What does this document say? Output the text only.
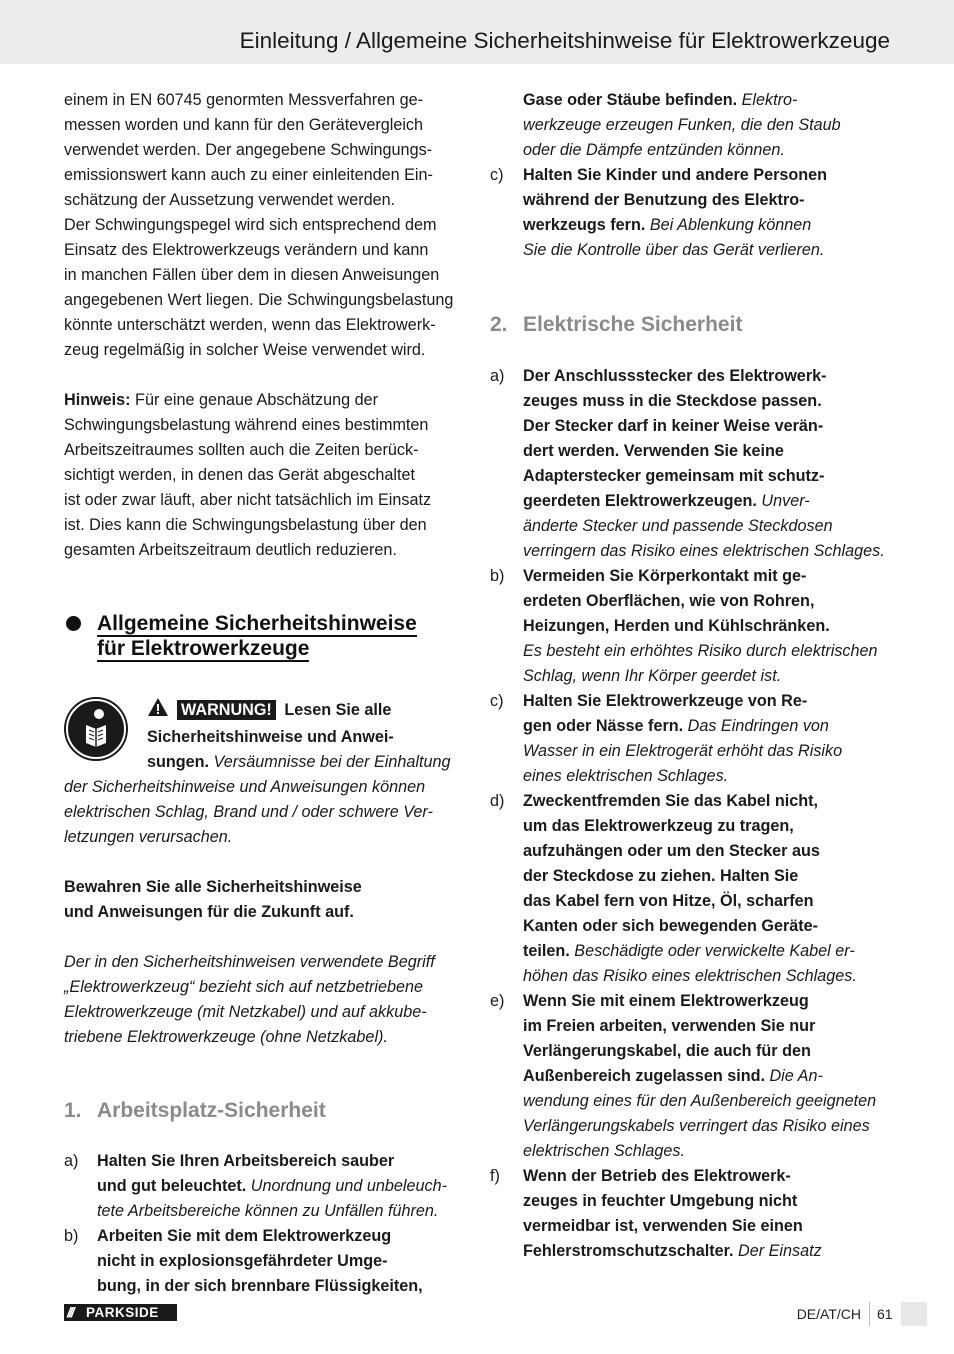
Einleitung / Allgemeine Sicherheitshinweise für Elektrowerkzeuge

einem in EN 60745 genormten Messverfahren ge-

messen worden und kann für den Gerätevergleich

verwendet werden. Der angegebene Schwingungs-

emissionswert kann auch zu einer einleitenden Ein-

schätzung der Aussetzung verwendet werden.

Der Schwingungspegel wird sich entsprechend dem

Einsatz des Elektrowerkzeugs verändern und kann

in manchen Fällen über dem in diesen Anweisungen

angegebenen Wert liegen. Die Schwingungsbelastung

könnte unterschätzt werden, wenn das Elektrowerk-

zeug regelmäßig in solcher Weise verwendet wird.

Hinweis: Für eine genaue Abschätzung der

Schwingungsbelastung während eines bestimmten

Arbeitszeitraumes sollten auch die Zeiten berück-

sichtigt werden, in denen das Gerät abgeschaltet

ist oder zwar läuft, aber nicht tatsächlich im Einsatz

ist. Dies kann die Schwingungsbelastung über den

gesamten Arbeitszeitraum deutlich reduzieren.

Allgemeine Sicherheitshinweise
für Elektrowerkzeuge

WARNUNG! Lesen Sie alle

Sicherheitshinweise und Anwei-

sungen. Versäumnisse bei der Einhaltung

der Sicherheitshinweise und Anweisungen können

elektrischen Schlag, Brand und / oder schwere Ver-

letzungen verursachen.

Bewahren Sie alle Sicherheitshinweise

und Anweisungen für die Zukunft auf.

Der in den Sicherheitshinweisen verwendete Begriff

„Elektrowerkzeug“ bezieht sich auf netzbetriebene

Elektrowerkzeuge (mit Netzkabel) und auf akkube-

triebene Elektrowerkzeuge (ohne Netzkabel).

1. Arbeitsplatz-Sicherheit
a)	Halten Sie Ihren Arbeitsbereich sauber

und gut beleuchtet. Unordnung und unbeleuch-

tete Arbeitsbereiche können zu Unfällen führen.

b)	Arbeiten Sie mit dem Elektrowerkzeug

nicht in explosionsgefährdeter Umge-

bung, in der sich brennbare Flüssigkeiten,

Gase oder Stäube befinden. Elektro-

werkzeuge erzeugen Funken, die den Staub

oder die Dämpfe entzünden können.

c)	Halten Sie Kinder und andere Personen

während der Benutzung des Elektro-

werkzeugs fern. Bei Ablenkung können

Sie die Kontrolle über das Gerät verlieren.

2. Elektrische Sicherheit
a)	Der Anschlussstecker des Elektrowerk-

zeuges muss in die Steckdose passen.

Der Stecker darf in keiner Weise verän-

dert werden. Verwenden Sie keine

Adapterstecker gemeinsam mit schutz-

geerdeten Elektrowerkzeugen. Unver-

änderte Stecker und passende Steckdosen

verringern das Risiko eines elektrischen Schlages.

b)	Vermeiden Sie Körperkontakt mit ge-

erdeten Oberflächen, wie von Rohren,

Heizungen, Herden und Kühlschränken.

Es besteht ein erhöhtes Risiko durch elektrischen

Schlag, wenn Ihr Körper geerdet ist.

c)	Halten Sie Elektrowerkzeuge von Re-

gen oder Nässe fern. Das Eindringen von

Wasser in ein Elektrogerät erhöht das Risiko

eines elektrischen Schlages.

d)	Zweckentfremden Sie das Kabel nicht,

um das Elektrowerkzeug zu tragen,

aufzuhängen oder um den Stecker aus

der Steckdose zu ziehen. Halten Sie

das Kabel fern von Hitze, Öl, scharfen

Kanten oder sich bewegenden Geräte-

teilen. Beschädigte oder verwickelte Kabel er-

höhen das Risiko eines elektrischen Schlages.

e)	Wenn Sie mit einem Elektrowerkzeug

im Freien arbeiten, verwenden Sie nur

Verlängerungskabel, die auch für den

Außenbereich zugelassen sind. Die An-

wendung eines für den Außenbereich geeigneten

Verlängerungskabels verringert das Risiko eines

elektrischen Schlages.

f)	Wenn der Betrieb des Elektrowerk-

zeuges in feuchter Umgebung nicht

vermeidbar ist, verwenden Sie einen

Fehlerstromschutzschalter. Der Einsatz

/// PARKSIDE	DE/AT/CH 61
